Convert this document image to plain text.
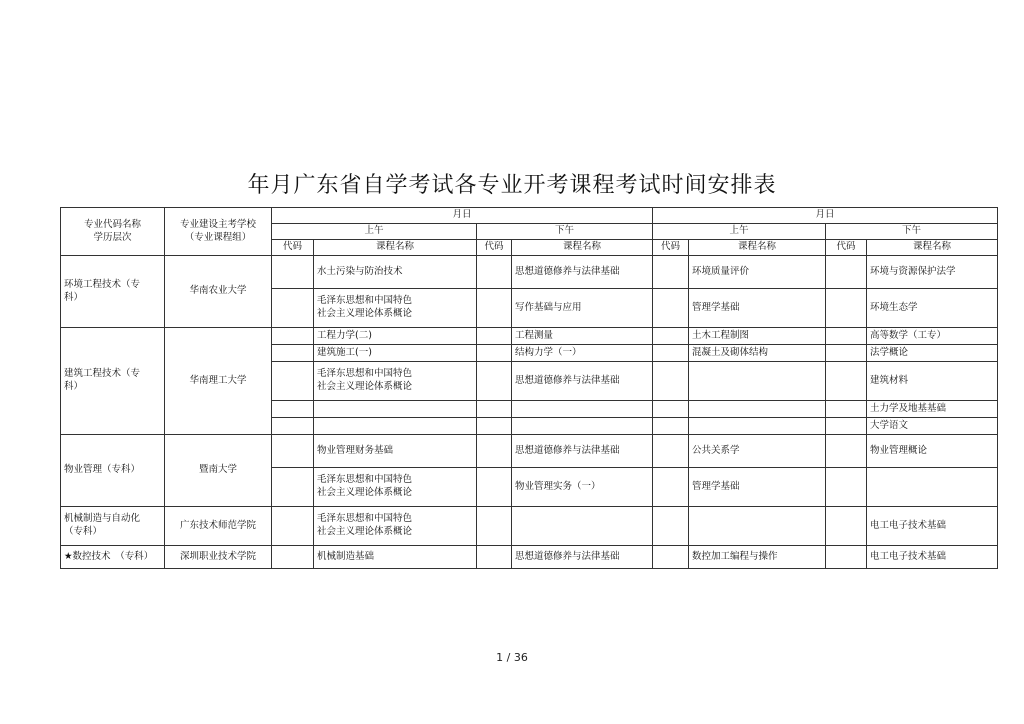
年月广东省自学考试各专业开考课程考试时间安排表
专业代码名称
学历层次	专业建设主考学校
（专业课程组）	月日				月日			
		上午		下午		上午		下午	
		代码	课程名称	代码	课程名称	代码	课程名称	代码	课程名称
环境工程技术（专
科）	华南农业大学		水土污染与防治技术		思想道德修养与法律基础		环境质量评价		环境与资源保护法学
			毛泽东思想和中国特色
社会主义理论体系概论		写作基础与应用		管理学基础		环境生态学
建筑工程技术（专
科）	华南理工大学		工程力学(二)		工程测量		土木工程制图		高等数学（工专）
			建筑施工(一)		结构力学（一）		混凝土及砌体结构		法学概论
			毛泽东思想和中国特色
社会主义理论体系概论		思想道德修养与法律基础				建筑材料
									土力学及地基基础
									大学语文
物业管理（专科）	暨南大学		物业管理财务基础		思想道德修养与法律基础		公共关系学		物业管理概论
			毛泽东思想和中国特色
社会主义理论体系概论		物业管理实务（一）		管理学基础		
机械制造与自动化
（专科）	广东技术师范学院		毛泽东思想和中国特色
社会主义理论体系概论						电工电子技术基础
★数控技术　（专科）	深圳职业技术学院		机械制造基础		思想道德修养与法律基础		数控加工编程与操作		电工电子技术基础
1 / 36
